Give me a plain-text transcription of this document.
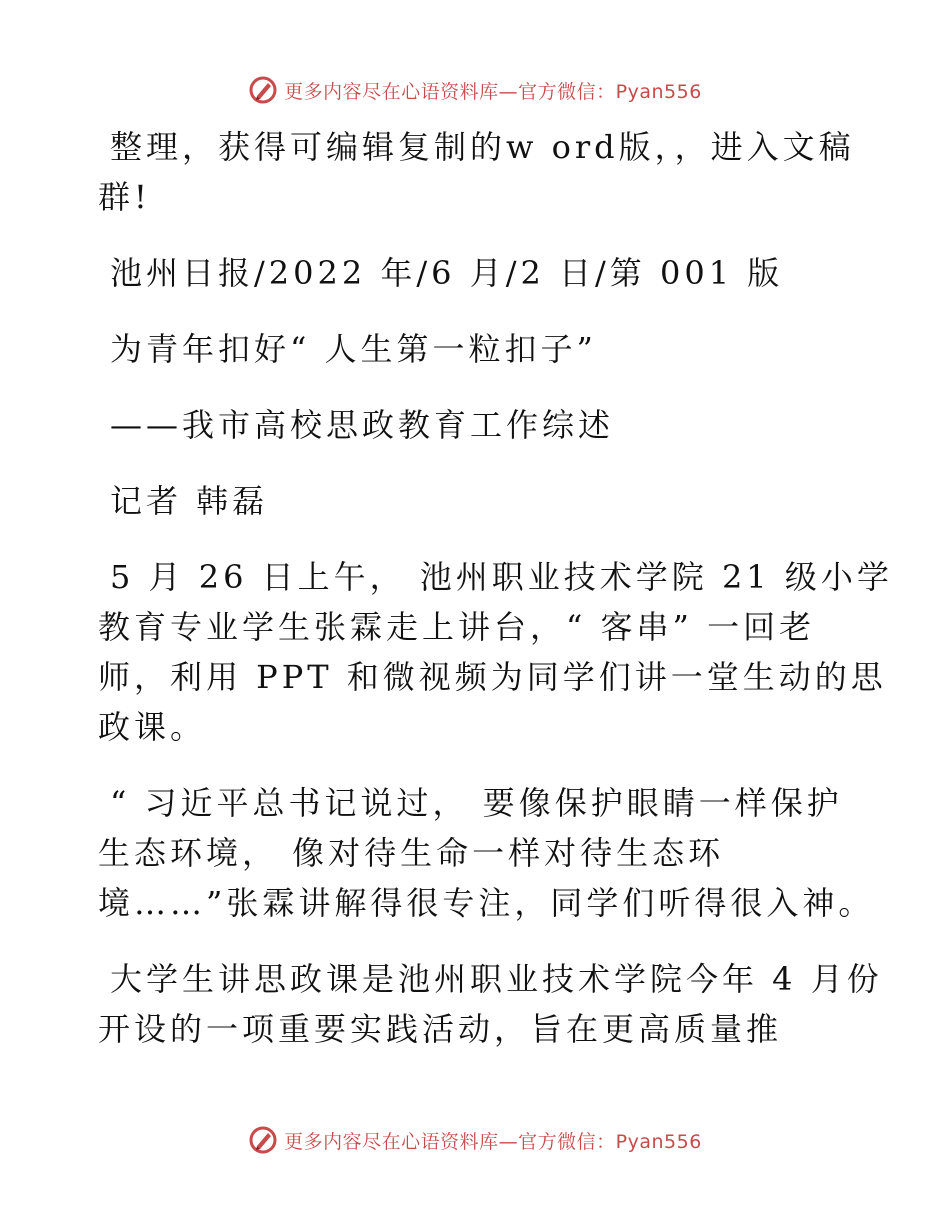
更多内容尽在心语资料库—官方微信：Pyan556

整理，获得可编辑复制的w ord版，，进入文稿

群!

池州日报/2022 年/6 月/2 日/第 001 版

为青年扣好“ 人生第一粒扣子”

——我市高校思政教育工作综述

记者 韩磊

5 月 26 日上午， 池州职业技术学院 21 级小学

教育专业学生张霖走上讲台，“ 客串” 一回老

师，利用 PPT 和微视频为同学们讲一堂生动的思

政课。

“ 习近平总书记说过， 要像保护眼睛一样保护

生态环境， 像对待生命一样对待生态环

境……”张霖讲解得很专注，同学们听得很入神。

大学生讲思政课是池州职业技术学院今年 4 月份

开设的一项重要实践活动，旨在更高质量推

更多内容尽在心语资料库—官方微信：Pyan556
